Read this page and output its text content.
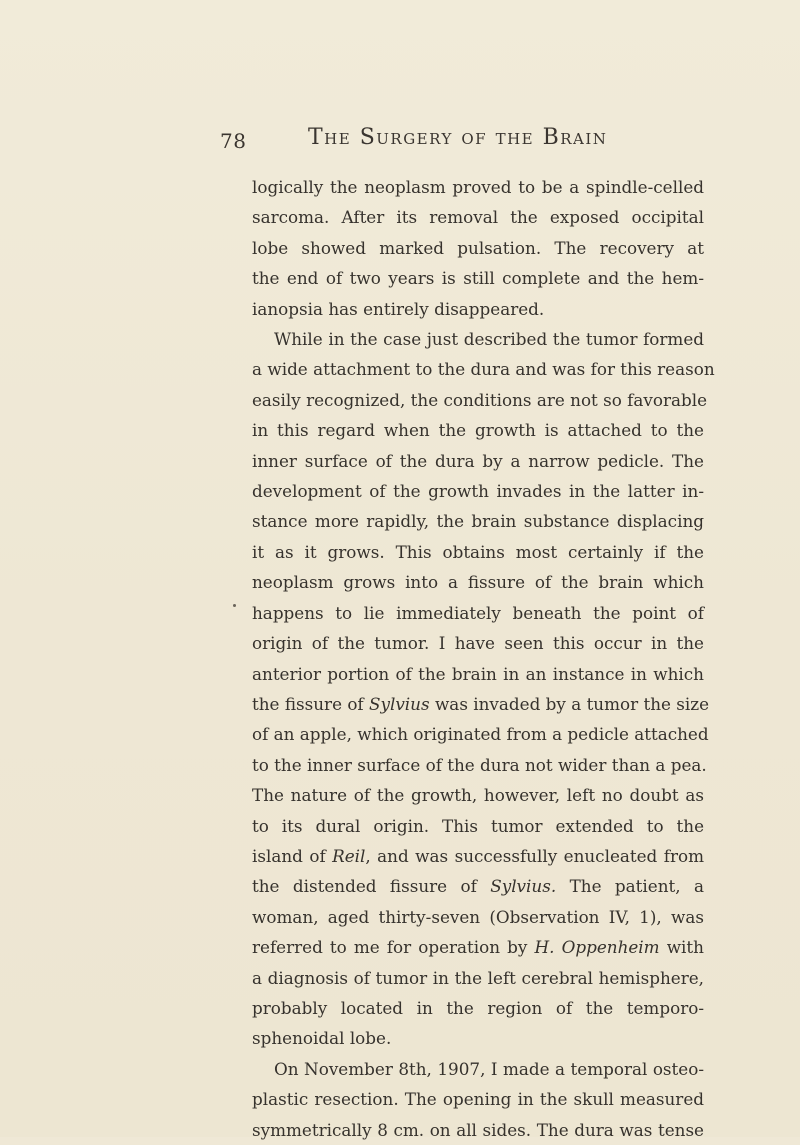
78	The Surgery of the Brain

logically the neoplasm proved to be a spindle-celled
sarcoma. After its removal the exposed occipital
lobe showed marked pulsation. The recovery at
the end of two years is still complete and the hem-
ianopsia has entirely disappeared.

While in the case just described the tumor formed
a wide attachment to the dura and was for this reason
easily recognized, the conditions are not so favorable
in this regard when the growth is attached to the
inner surface of the dura by a narrow pedicle. The
development of the growth invades in the latter in-
stance more rapidly, the brain substance displacing
it as it grows. This obtains most certainly if the
neoplasm grows into a fissure of the brain which
happens to lie immediately beneath the point of
origin of the tumor. I have seen this occur in the
anterior portion of the brain in an instance in which
the fissure of Sylvius was invaded by a tumor the size
of an apple, which originated from a pedicle attached
to the inner surface of the dura not wider than a pea.
The nature of the growth, however, left no doubt as
to its dural origin. This tumor extended to the
island of Reil, and was successfully enucleated from
the distended fissure of Sylvius. The patient, a
woman, aged thirty-seven (Observation IV, 1), was
referred to me for operation by H. Oppenheim with
a diagnosis of tumor in the left cerebral hemisphere,
probably located in the region of the temporo-
sphenoidal lobe.

On November 8th, 1907, I made a temporal osteo-
plastic resection. The opening in the skull measured
symmetrically 8 cm. on all sides. The dura was tense
